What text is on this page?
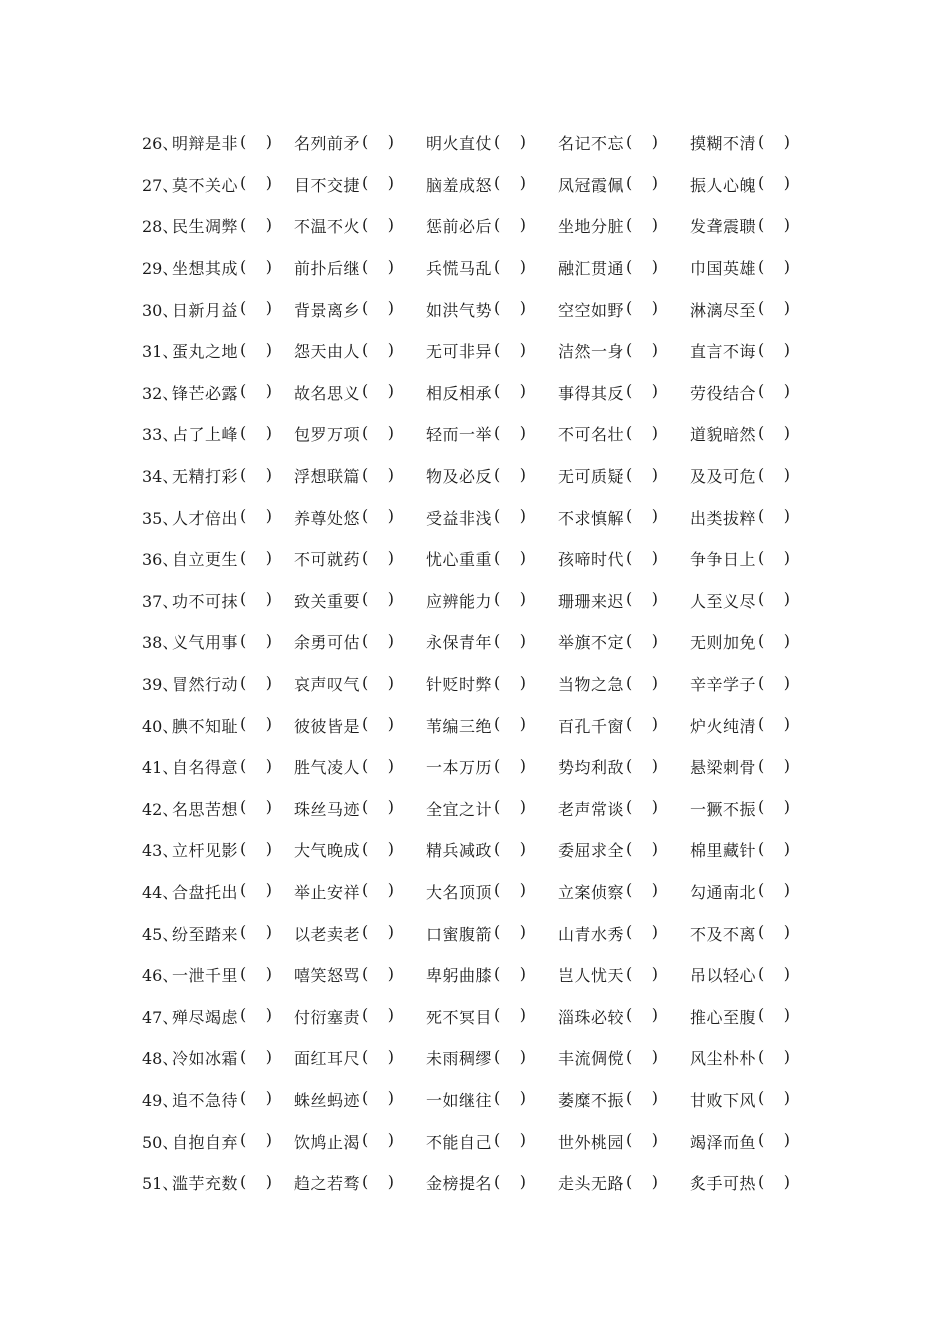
26、
明辩是非 ( ) 名列前矛 ( ) 明火直仗 ( ) 名记不忘 ( ) 摸糊不清 ( )
27、
莫不关心 ( ) 目不交捷 ( ) 脑羞成怒 ( ) 凤冠霞佩 ( ) 振人心魄 ( )
28、
民生凋弊 ( ) 不温不火 ( ) 惩前必后 ( ) 坐地分脏 ( ) 发聋震聩 ( )
29、
坐想其成 ( ) 前扑后继 ( ) 兵慌马乱 ( ) 融汇贯通 ( ) 巾国英雄 ( )
30、
日新月益 ( ) 背景离乡 ( ) 如洪气势 ( ) 空空如野 ( ) 淋漓尽至 ( )
31、
蛋丸之地 ( ) 怨天由人 ( ) 无可非异 ( ) 洁然一身 ( ) 直言不诲 ( )
32、
锋芒必露 ( ) 故名思义 ( ) 相反相承 ( ) 事得其反 ( ) 劳役结合 ( )
33、
占了上峰 ( ) 包罗万项 ( ) 轻而一举 ( ) 不可名壮 ( ) 道貌暗然 ( )
34、
无精打彩 ( ) 浮想联篇 ( ) 物及必反 ( ) 无可质疑 ( ) 及及可危 ( )
35、
人才倍出 ( ) 养尊处悠 ( ) 受益非浅 ( ) 不求慎解 ( ) 出类拔粹 ( )
36、
自立更生 ( ) 不可就药 ( ) 忧心重重 ( ) 孩啼时代 ( ) 争争日上 ( )
37、
功不可抹 ( ) 致关重要 ( ) 应辨能力 ( ) 珊珊来迟 ( ) 人至义尽 ( )
38、
义气用事 ( ) 余勇可估 ( ) 永保青年 ( ) 举旗不定 ( ) 无则加免 ( )
39、
冒然行动 ( ) 哀声叹气 ( ) 针贬时弊 ( ) 当物之急 ( ) 辛辛学子 ( )
40、
腆不知耻 ( ) 彼彼皆是 ( ) 苇编三绝 ( ) 百孔千窗 ( ) 炉火纯清 ( )
41、
自名得意 ( ) 胜气凌人 ( ) 一本万历 ( ) 势均利敌 ( ) 悬梁刺骨 ( )
42、
名思苦想 ( ) 珠丝马迹 ( ) 全宜之计 ( ) 老声常谈 ( ) 一獗不振 ( )
43、
立杆见影 ( ) 大气晚成 ( ) 精兵减政 ( ) 委屈求全 ( ) 棉里藏针 ( )
44、
合盘托出 ( ) 举止安祥 ( ) 大名顶顶 ( ) 立案侦察 ( ) 勾通南北 ( )
45、
纷至踏来 ( ) 以老卖老 ( ) 口蜜腹箭 ( ) 山青水秀 ( ) 不及不离 ( )
46、
一泄千里 ( ) 嘻笑怒骂 ( ) 卑躬曲膝 ( ) 岂人忧天 ( ) 吊以轻心 ( )
47、
殚尽竭虑 ( ) 付衍塞责 ( ) 死不冥目 ( ) 淄珠必较 ( ) 推心至腹 ( )
48、
冷如冰霜 ( ) 面红耳尺 ( ) 未雨稠缪 ( ) 丰流倜傥 ( ) 风尘朴朴 ( )
49、
追不急待 ( ) 蛛丝蚂迹 ( ) 一如继往 ( ) 萎糜不振 ( ) 甘败下风 ( )
50、
自抱自弃 ( ) 饮鸠止渴 ( ) 不能自己 ( ) 世外桃园 ( ) 竭泽而鱼 ( )
51、
滥芋充数 ( ) 趋之若骛 ( ) 金榜提名 ( ) 走头无路 ( ) 炙手可热 ( )
